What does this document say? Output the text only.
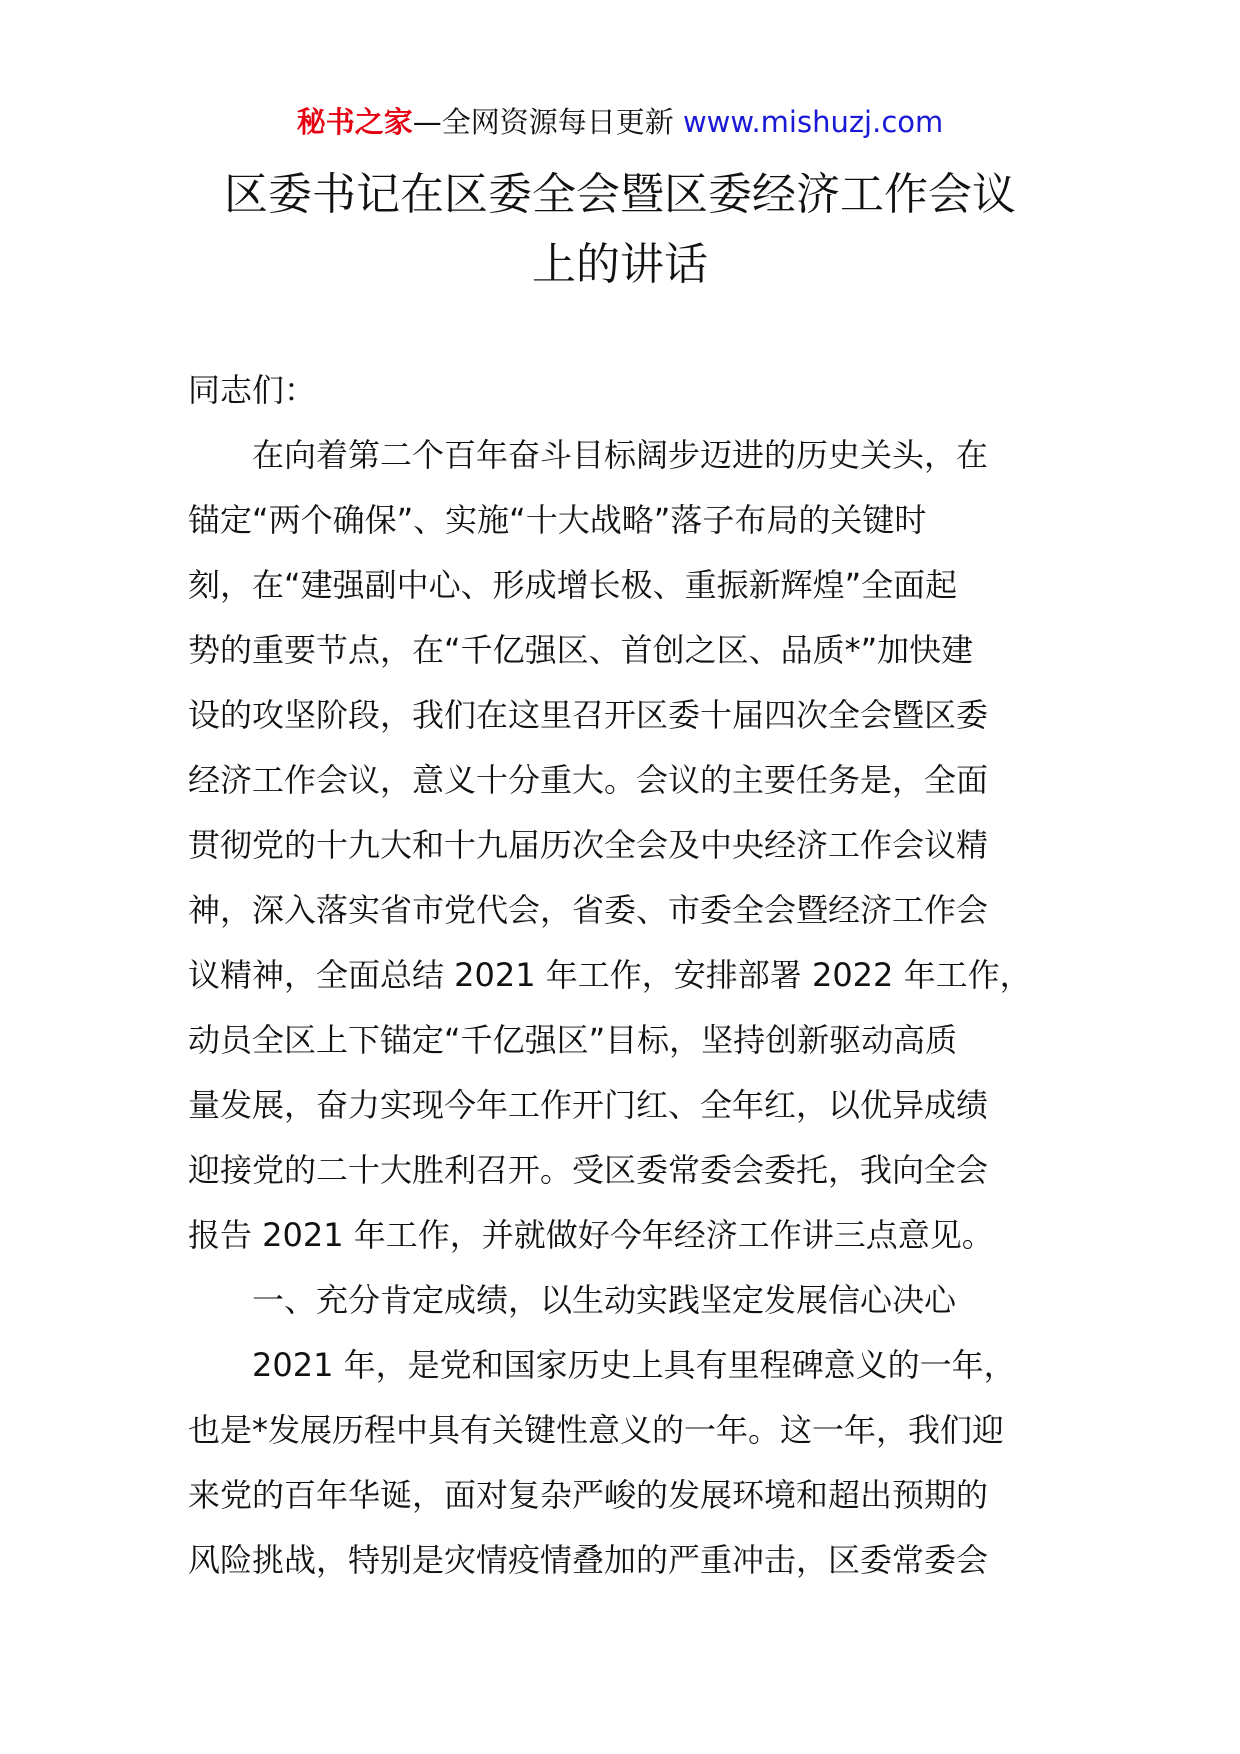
秘书之家—全网资源每日更新 www.mishuzj.com
区委书记在区委全会暨区委经济工作会议
上的讲话
同志们：
在向着第二个百年奋斗目标阔步迈进的历史关头，在
锚定“两个确保”、实施“十大战略”落子布局的关键时
刻，在“建强副中心、形成增长极、重振新辉煌”全面起
势的重要节点，在“千亿强区、首创之区、品质*”加快建
设的攻坚阶段，我们在这里召开区委十届四次全会暨区委
经济工作会议，意义十分重大。会议的主要任务是，全面
贯彻党的十九大和十九届历次全会及中央经济工作会议精
神，深入落实省市党代会，省委、市委全会暨经济工作会
议精神，全面总结 2021 年工作，安排部署 2022 年工作，
动员全区上下锚定“千亿强区”目标，坚持创新驱动高质
量发展，奋力实现今年工作开门红、全年红，以优异成绩
迎接党的二十大胜利召开。受区委常委会委托，我向全会
报告 2021 年工作，并就做好今年经济工作讲三点意见。
一、充分肯定成绩，以生动实践坚定发展信心决心
2021 年，是党和国家历史上具有里程碑意义的一年，
也是*发展历程中具有关键性意义的一年。这一年，我们迎
来党的百年华诞，面对复杂严峻的发展环境和超出预期的
风险挑战，特别是灾情疫情叠加的严重冲击，区委常委会
